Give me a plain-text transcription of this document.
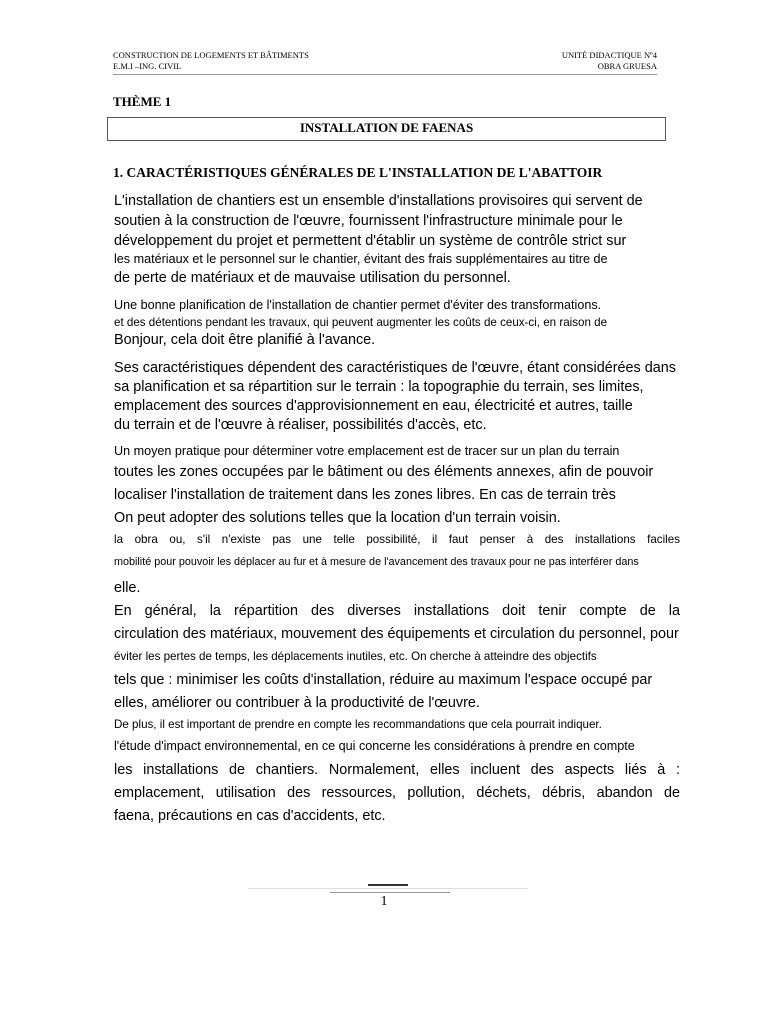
CONSTRUCTION DE LOGEMENTS ET BÂTIMENTS	UNITÉ DIDACTIQUE Nº4
E.M.I –ING. CIVIL	OBRA GRUESA
THÈME 1
INSTALLATION DE FAENAS
1. CARACTÉRISTIQUES GÉNÉRALES DE L'INSTALLATION DE L'ABATTOIR
L'installation de chantiers est un ensemble d'installations provisoires qui servent de
soutien à la construction de l'œuvre, fournissent l'infrastructure minimale pour le
développement du projet et permettent d'établir un système de contrôle strict sur
les matériaux et le personnel sur le chantier, évitant des frais supplémentaires au titre de
de perte de matériaux et de mauvaise utilisation du personnel.
Une bonne planification de l'installation de chantier permet d'éviter des transformations.
et des détentions pendant les travaux, qui peuvent augmenter les coûts de ceux-ci, en raison de
Bonjour, cela doit être planifié à l'avance.
Ses caractéristiques dépendent des caractéristiques de l'œuvre, étant considérées dans
sa planification et sa répartition sur le terrain : la topographie du terrain, ses limites,
emplacement des sources d'approvisionnement en eau, électricité et autres, taille
du terrain et de l'œuvre à réaliser, possibilités d'accès, etc.
Un moyen pratique pour déterminer votre emplacement est de tracer sur un plan du terrain
toutes les zones occupées par le bâtiment ou des éléments annexes, afin de pouvoir
localiser l'installation de traitement dans les zones libres. En cas de terrain très
On peut adopter des solutions telles que la location d'un terrain voisin.
la obra ou, s'il n'existe pas une telle possibilité, il faut penser à des installations faciles
mobilité pour pouvoir les déplacer au fur et à mesure de l'avancement des travaux pour ne pas interférer dans
elle.
En général, la répartition des diverses installations doit tenir compte de la
circulation des matériaux, mouvement des équipements et circulation du personnel, pour
éviter les pertes de temps, les déplacements inutiles, etc. On cherche à atteindre des objectifs
tels que : minimiser les coûts d'installation, réduire au maximum l'espace occupé par
elles, améliorer ou contribuer à la productivité de l'œuvre.
De plus, il est important de prendre en compte les recommandations que cela pourrait indiquer.
l'étude d'impact environnemental, en ce qui concerne les considérations à prendre en compte
les installations de chantiers. Normalement, elles incluent des aspects liés à :
emplacement, utilisation des ressources, pollution, déchets, débris, abandon de
faena, précautions en cas d'accidents, etc.
1
